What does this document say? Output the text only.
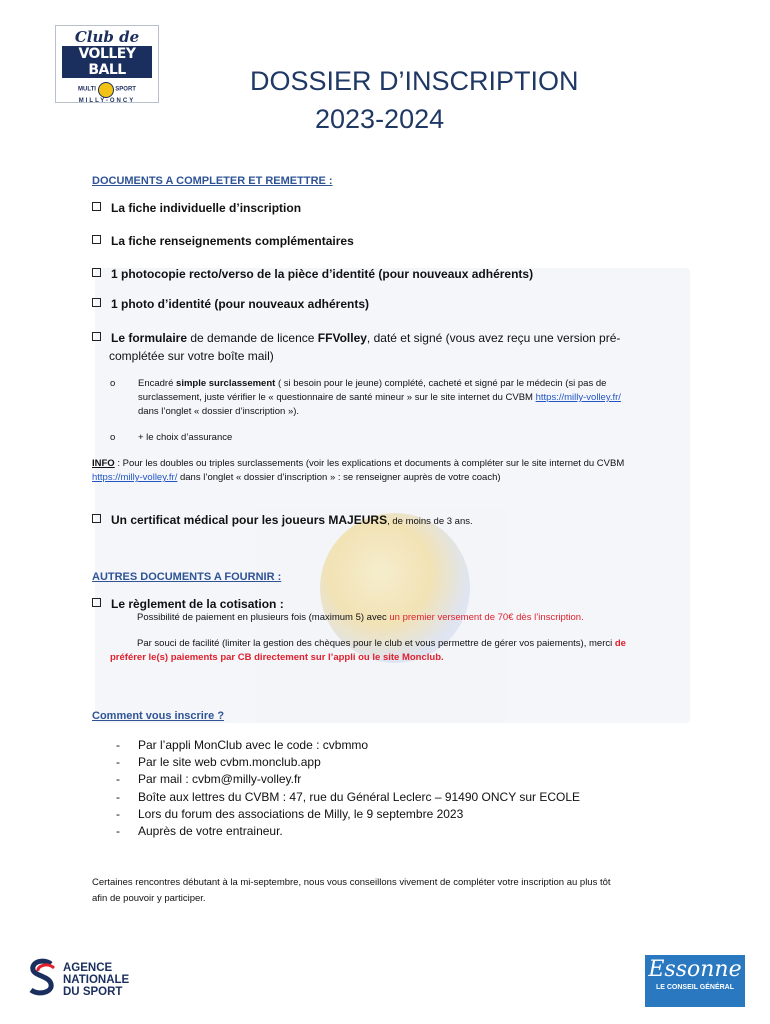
Club de
VOLLEY BALL
MULTI	SPORT
MILLY-ONCY
DOSSIER D’INSCRIPTION
2023-2024
DOCUMENTS A COMPLETER ET REMETTRE :
La fiche individuelle d’inscription
La fiche renseignements complémentaires
1 photocopie recto/verso de la pièce d’identité (pour nouveaux adhérents)
1 photo d’identité (pour nouveaux adhérents)
Le formulaire de demande de licence FFVolley, daté et signé (vous avez reçu une version pré-
complétée sur votre boîte mail)
o Encadré simple surclassement ( si besoin pour le jeune) complété, cacheté et signé par le médecin (si pas de
surclassement, juste vérifier le « questionnaire de santé mineur » sur le site internet du CVBM https://milly-volley.fr/
dans l’onglet « dossier d’inscription »).
o + le choix d’assurance
INFO : Pour les doubles ou triples surclassements (voir les explications et documents à compléter sur le site internet du CVBM
https://milly-volley.fr/ dans l’onglet « dossier d’inscription » : se renseigner auprès de votre coach)
Un certificat médical pour les joueurs MAJEURS, de moins de 3 ans.
AUTRES DOCUMENTS A FOURNIR :
Le règlement de la cotisation :
Possibilité de paiement en plusieurs fois (maximum 5) avec un premier versement de 70€ dès l’inscription.
Par souci de facilité (limiter la gestion des chèques pour le club et vous permettre de gérer vos paiements), merci de
préférer le(s) paiements par CB directement sur l’appli ou le site Monclub.
Comment vous inscrire ?
- Par l’appli MonClub avec le code : cvbmmo
- Par le site web cvbm.monclub.app
- Par mail : cvbm@milly-volley.fr
- Boîte aux lettres du CVBM : 47, rue du Général Leclerc – 91490 ONCY sur ECOLE
- Lors du forum des associations de Milly, le 9 septembre 2023
- Auprès de votre entraineur.
Certaines rencontres débutant à la mi-septembre, nous vous conseillons vivement de compléter votre inscription au plus tôt
afin de pouvoir y participer.
AGENCE
NATIONALE
DU SPORT
Essonne
LE CONSEIL GÉNÉRAL
